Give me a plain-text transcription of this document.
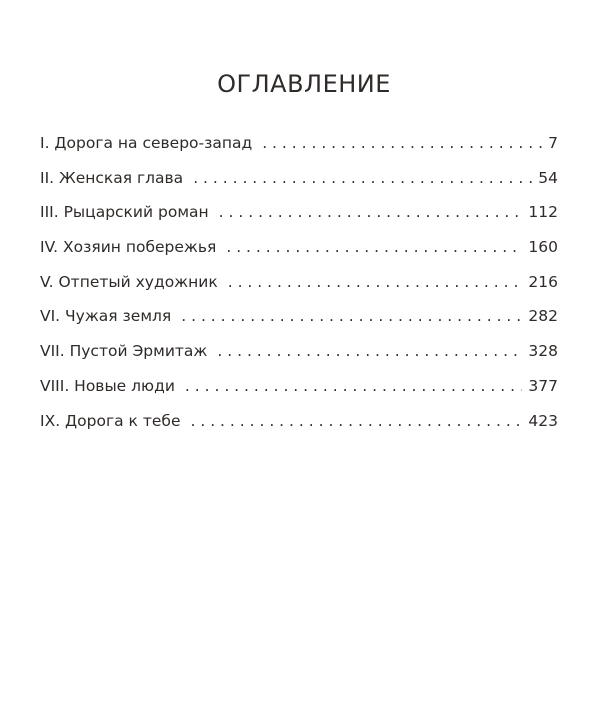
ОГЛАВЛЕНИЕ
I. Дорога на северо-запад . . .	7
II. Женская глава . . .	54
III. Рыцарский роман . . .	112
IV. Хозяин побережья . . .	160
V. Отпетый художник . . .	216
VI. Чужая земля . . .	282
VII. Пустой Эрмитаж . . .	328
VIII. Новые люди . . .	377
IX. Дорога к тебе . . .	423
